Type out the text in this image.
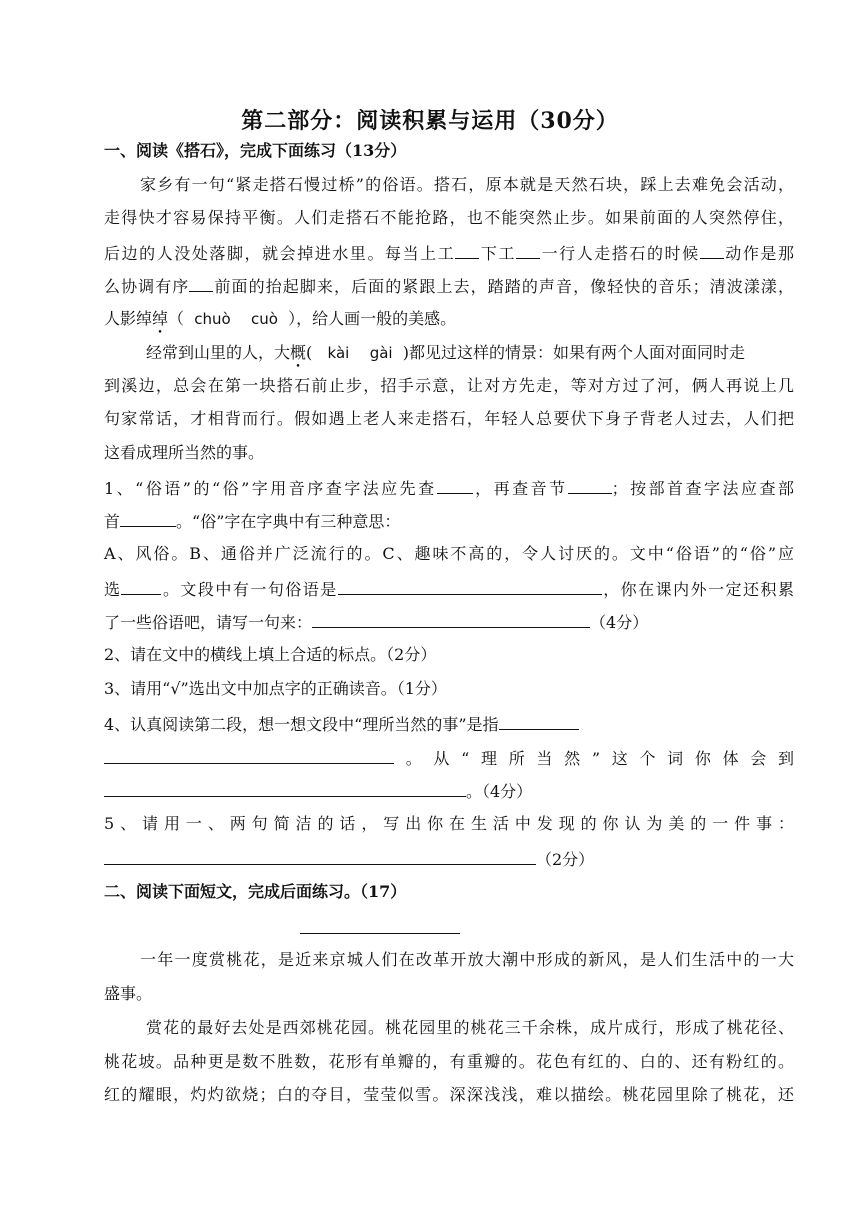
第二部分：阅读积累与运用（30分）
一、阅读《搭石》，完成下面练习（13分）
家乡有一句“紧走搭石慢过桥”的俗语。搭石，原本就是天然石块，踩上去难免会活动，
走得快才容易保持平衡。人们走搭石不能抢路，也不能突然止步。如果前面的人突然停住，
后边的人没处落脚，就会掉进水里。每当上工 下工 一行人走搭石的时候 动作是那
么协调有序 前面的抬起脚来，后面的紧跟上去，踏踏的声音，像轻快的音乐；清波漾漾，
人影绰绰（ chuò cuò ），给人画一般的美感。
经常到山里的人，大概( kài gài )都见过这样的情景：如果有两个人面对面同时走
到溪边，总会在第一块搭石前止步，招手示意，让对方先走，等对方过了河，俩人再说上几
句家常话，才相背而行。假如遇上老人来走搭石，年轻人总要伏下身子背老人过去，人们把
这看成理所当然的事。
1、“俗语”的“俗”字用音序查字法应先查 ，再查音节	；按部首查字法应查部
首	。“俗”字在字典中有三种意思：
A、风俗。B、通俗并广泛流行的。C、趣味不高的，令人讨厌的。文中“俗语”的“俗”应
选	。文段中有一句俗语是	，你在课内外一定还积累
了一些俗语吧，请写一句来：	（4分）
2、请在文中的横线上填上合适的标点。（2分）
3、请用“√”选出文中加点字的正确读音。（1分）
4、认真阅读第二段，想一想文段中“理所当然的事”是指
。从“理所当然”这个词你体会到
。（4分）
5、请用一、两句简洁的话，写出你在生活中发现的你认为美的一件事：
（2分）
二、阅读下面短文，完成后面练习。（17）
一年一度赏桃花，是近来京城人们在改革开放大潮中形成的新风，是人们生活中的一大
盛事。
赏花的最好去处是西郊桃花园。桃花园里的桃花三千余株，成片成行，形成了桃花径、
桃花坡。品种更是数不胜数，花形有单瓣的，有重瓣的。花色有红的、白的、还有粉红的。
红的耀眼，灼灼欲烧；白的夺目，莹莹似雪。深深浅浅，难以描绘。桃花园里除了桃花，还
